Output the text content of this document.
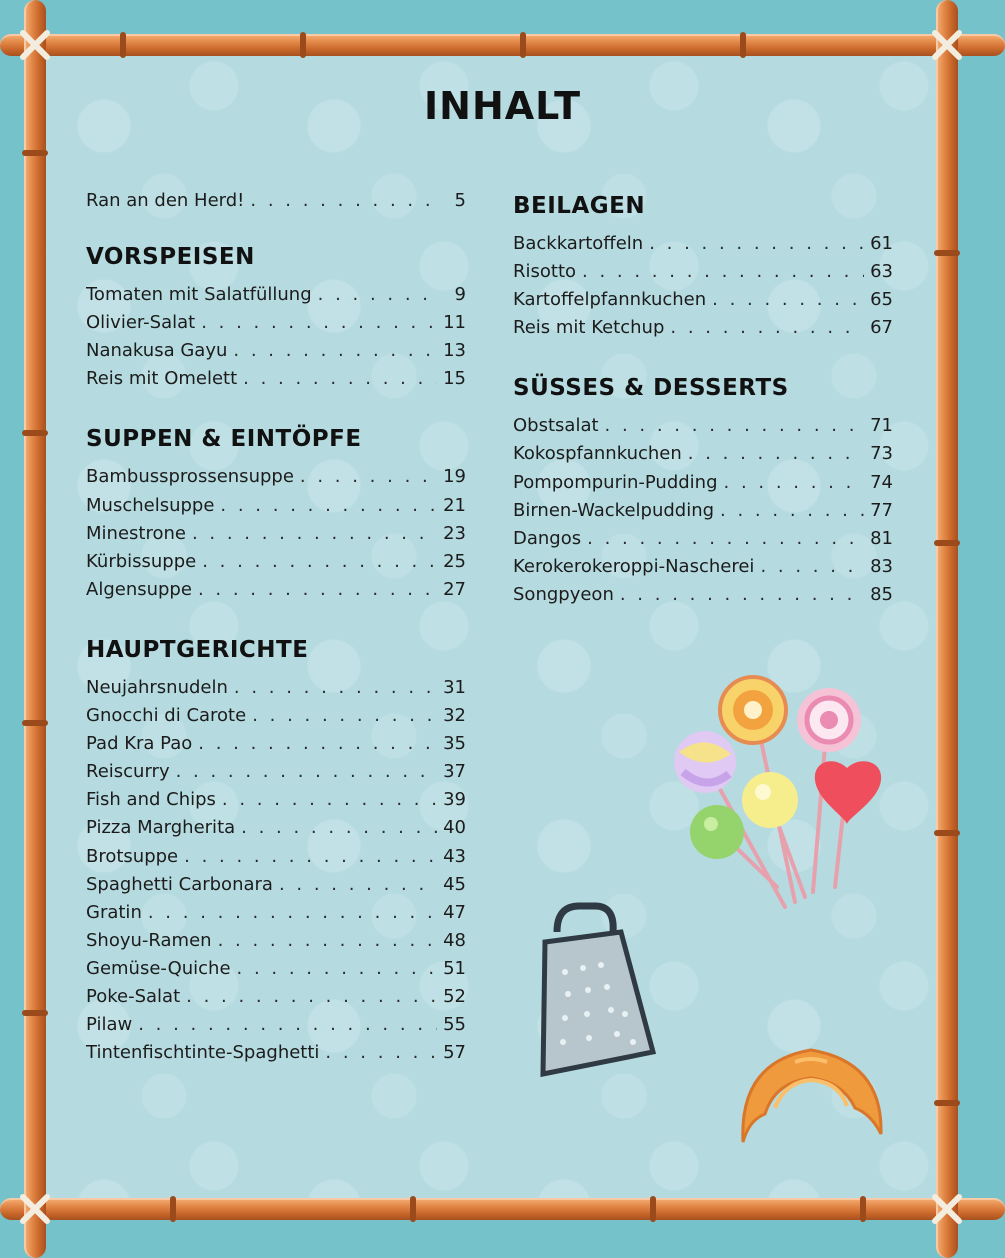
INHALT
Ran an den Herd! . . .	5
VORSPEISEN
Tomaten mit Salatfüllung . . .	9
Olivier-Salat . . .	11
Nanakusa Gayu . . .	13
Reis mit Omelett . . .	15
SUPPEN & EINTÖPFE
Bambussprossensuppe . . .	19
Muschelsuppe . . .	21
Minestrone . . .	23
Kürbissuppe . . .	25
Algensuppe . . .	27
HAUPTGERICHTE
Neujahrsnudeln . . .	31
Gnocchi di Carote . . .	32
Pad Kra Pao . . .	35
Reiscurry . . .	37
Fish and Chips . . .	39
Pizza Margherita . . .	40
Brotsuppe . . .	43
Spaghetti Carbonara . . .	45
Gratin . . .	47
Shoyu-Ramen . . .	48
Gemüse-Quiche . . .	51
Poke-Salat . . .	52
Pilaw . . .	55
Tintenfischtinte-Spaghetti . . .	57
BEILAGEN
Backkartoffeln . . .	61
Risotto . . .	63
Kartoffelpfannkuchen . . .	65
Reis mit Ketchup . . .	67
SÜSSES & DESSERTS
Obstsalat . . .	71
Kokospfannkuchen . . .	73
Pompompurin-Pudding . . .	74
Birnen-Wackelpudding . . .	77
Dangos . . .	81
Kerokerokeroppi-Nascherei . . .	83
Songpyeon . . .	85
